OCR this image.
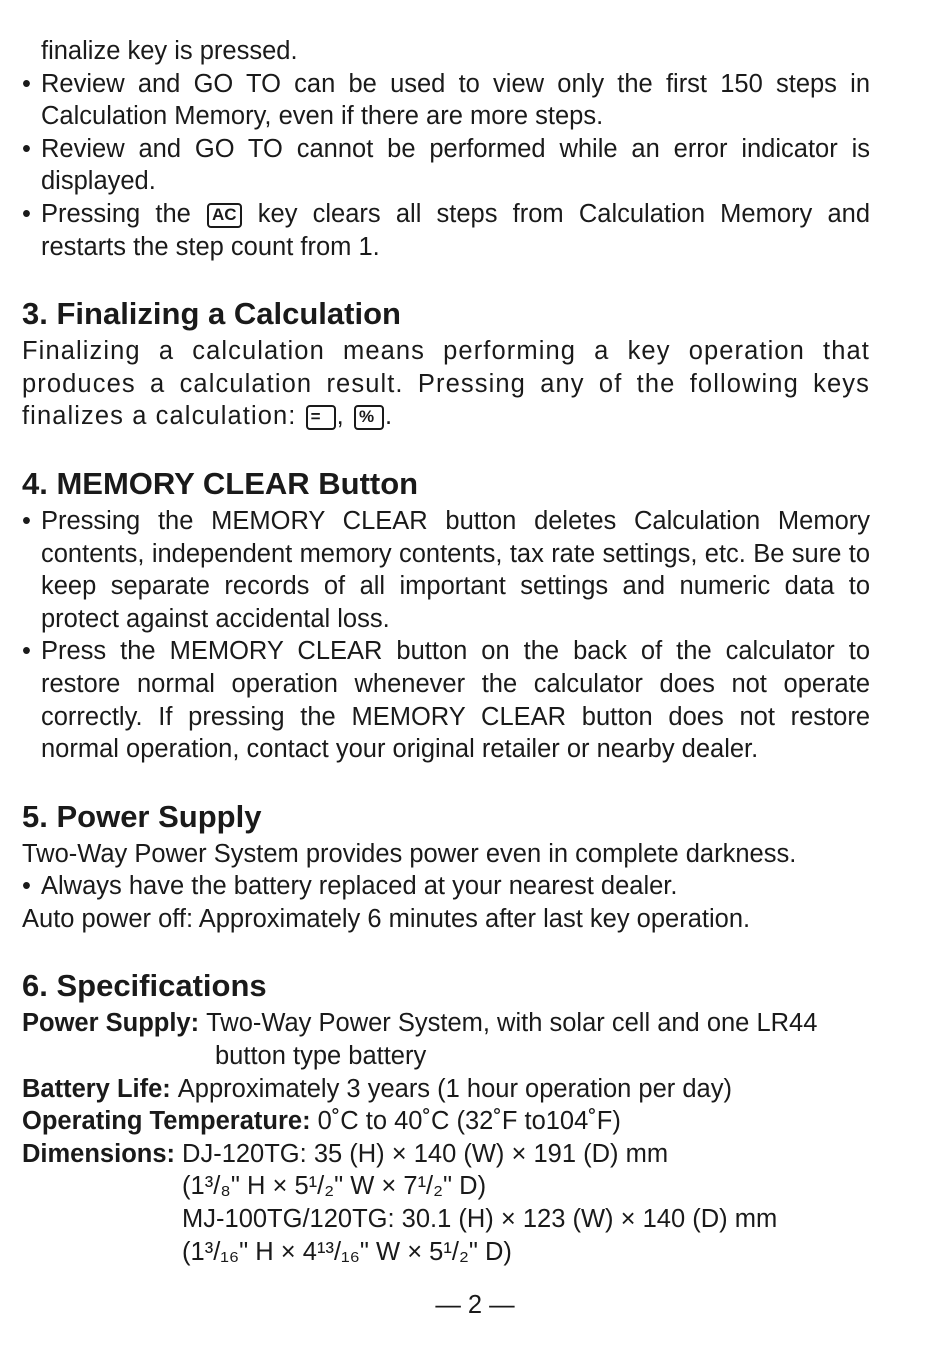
finalize key is pressed.

• Review and GO TO can be used to view only the first 150 steps in Calculation Memory, even if there are more steps.
• Review and GO TO cannot be performed while an error indicator is displayed.
• Pressing the AC key clears all steps from Calculation Memory and restarts the step count from 1.
3. Finalizing a Calculation

Finalizing a calculation means performing a key operation that produces a calculation result. Pressing any of the following keys finalizes a calculation: = , % .

4. MEMORY CLEAR Button
• Pressing the MEMORY CLEAR button deletes Calculation Memory contents, independent memory contents, tax rate settings, etc. Be sure to keep separate records of all important settings and numeric data to protect against accidental loss.
• Press the MEMORY CLEAR button on the back of the calculator to restore normal operation whenever the calculator does not operate correctly. If pressing the MEMORY CLEAR button does not restore normal operation, contact your original retailer or nearby dealer.
5. Power Supply

Two-Way Power System provides power even in complete darkness.

• Always have the battery replaced at your nearest dealer.

Auto power off: Approximately 6 minutes after last key operation.

6. Specifications
Power Supply: Two-Way Power System, with solar cell and one LR44
button type battery
Battery Life: Approximately 3 years (1 hour operation per day)
Operating Temperature: 0˚C to 40˚C (32˚F to104˚F)
Dimensions: DJ-120TG: 35 (H) × 140 (W) × 191 (D) mm
(1³/₈" H × 5¹/₂" W × 7¹/₂" D)
MJ-100TG/120TG: 30.1 (H) × 123 (W) × 140 (D) mm
(1³/₁₆" H × 4¹³/₁₆" W × 5¹/₂" D)
— 2 —
